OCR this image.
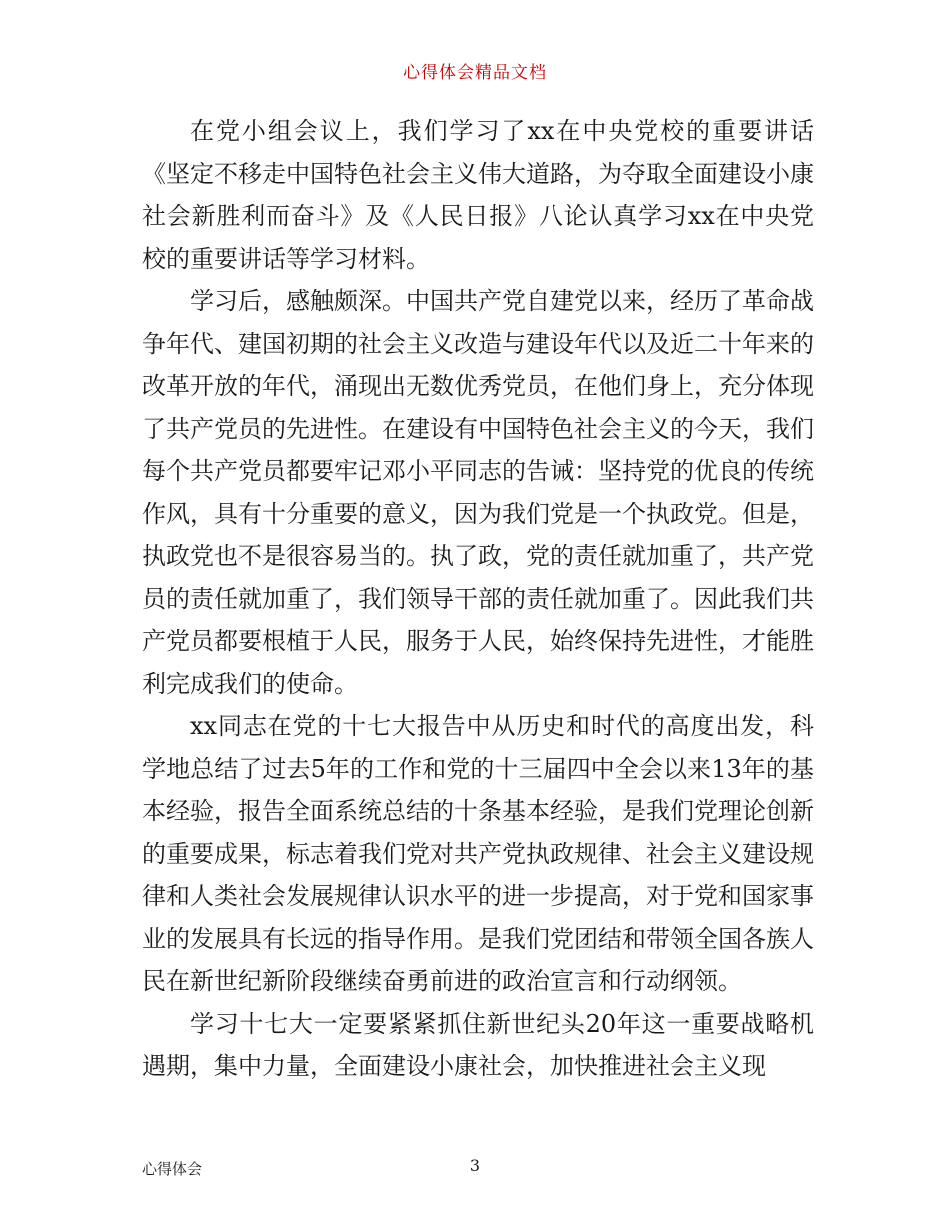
心得体会精品文档

在党小组会议上，我们学习了xx在中央党校的重要讲话《坚定不移走中国特色社会主义伟大道路，为夺取全面建设小康社会新胜利而奋斗》及《人民日报》八论认真学习xx在中央党校的重要讲话等学习材料。

学习后，感触颇深。中国共产党自建党以来，经历了革命战争年代、建国初期的社会主义改造与建设年代以及近二十年来的改革开放的年代，涌现出无数优秀党员，在他们身上，充分体现了共产党员的先进性。在建设有中国特色社会主义的今天，我们每个共产党员都要牢记邓小平同志的告诫：坚持党的优良的传统作风，具有十分重要的意义，因为我们党是一个执政党。但是，执政党也不是很容易当的。执了政，党的责任就加重了，共产党员的责任就加重了，我们领导干部的责任就加重了。因此我们共产党员都要根植于人民，服务于人民，始终保持先进性，才能胜利完成我们的使命。

xx同志在党的十七大报告中从历史和时代的高度出发，科学地总结了过去5年的工作和党的十三届四中全会以来13年的基本经验，报告全面系统总结的十条基本经验，是我们党理论创新的重要成果，标志着我们党对共产党执政规律、社会主义建设规律和人类社会发展规律认识水平的进一步提高，对于党和国家事业的发展具有长远的指导作用。是我们党团结和带领全国各族人民在新世纪新阶段继续奋勇前进的政治宣言和行动纲领。

学习十七大一定要紧紧抓住新世纪头20年这一重要战略机遇期，集中力量，全面建设小康社会，加快推进社会主义现

心得体会	3
